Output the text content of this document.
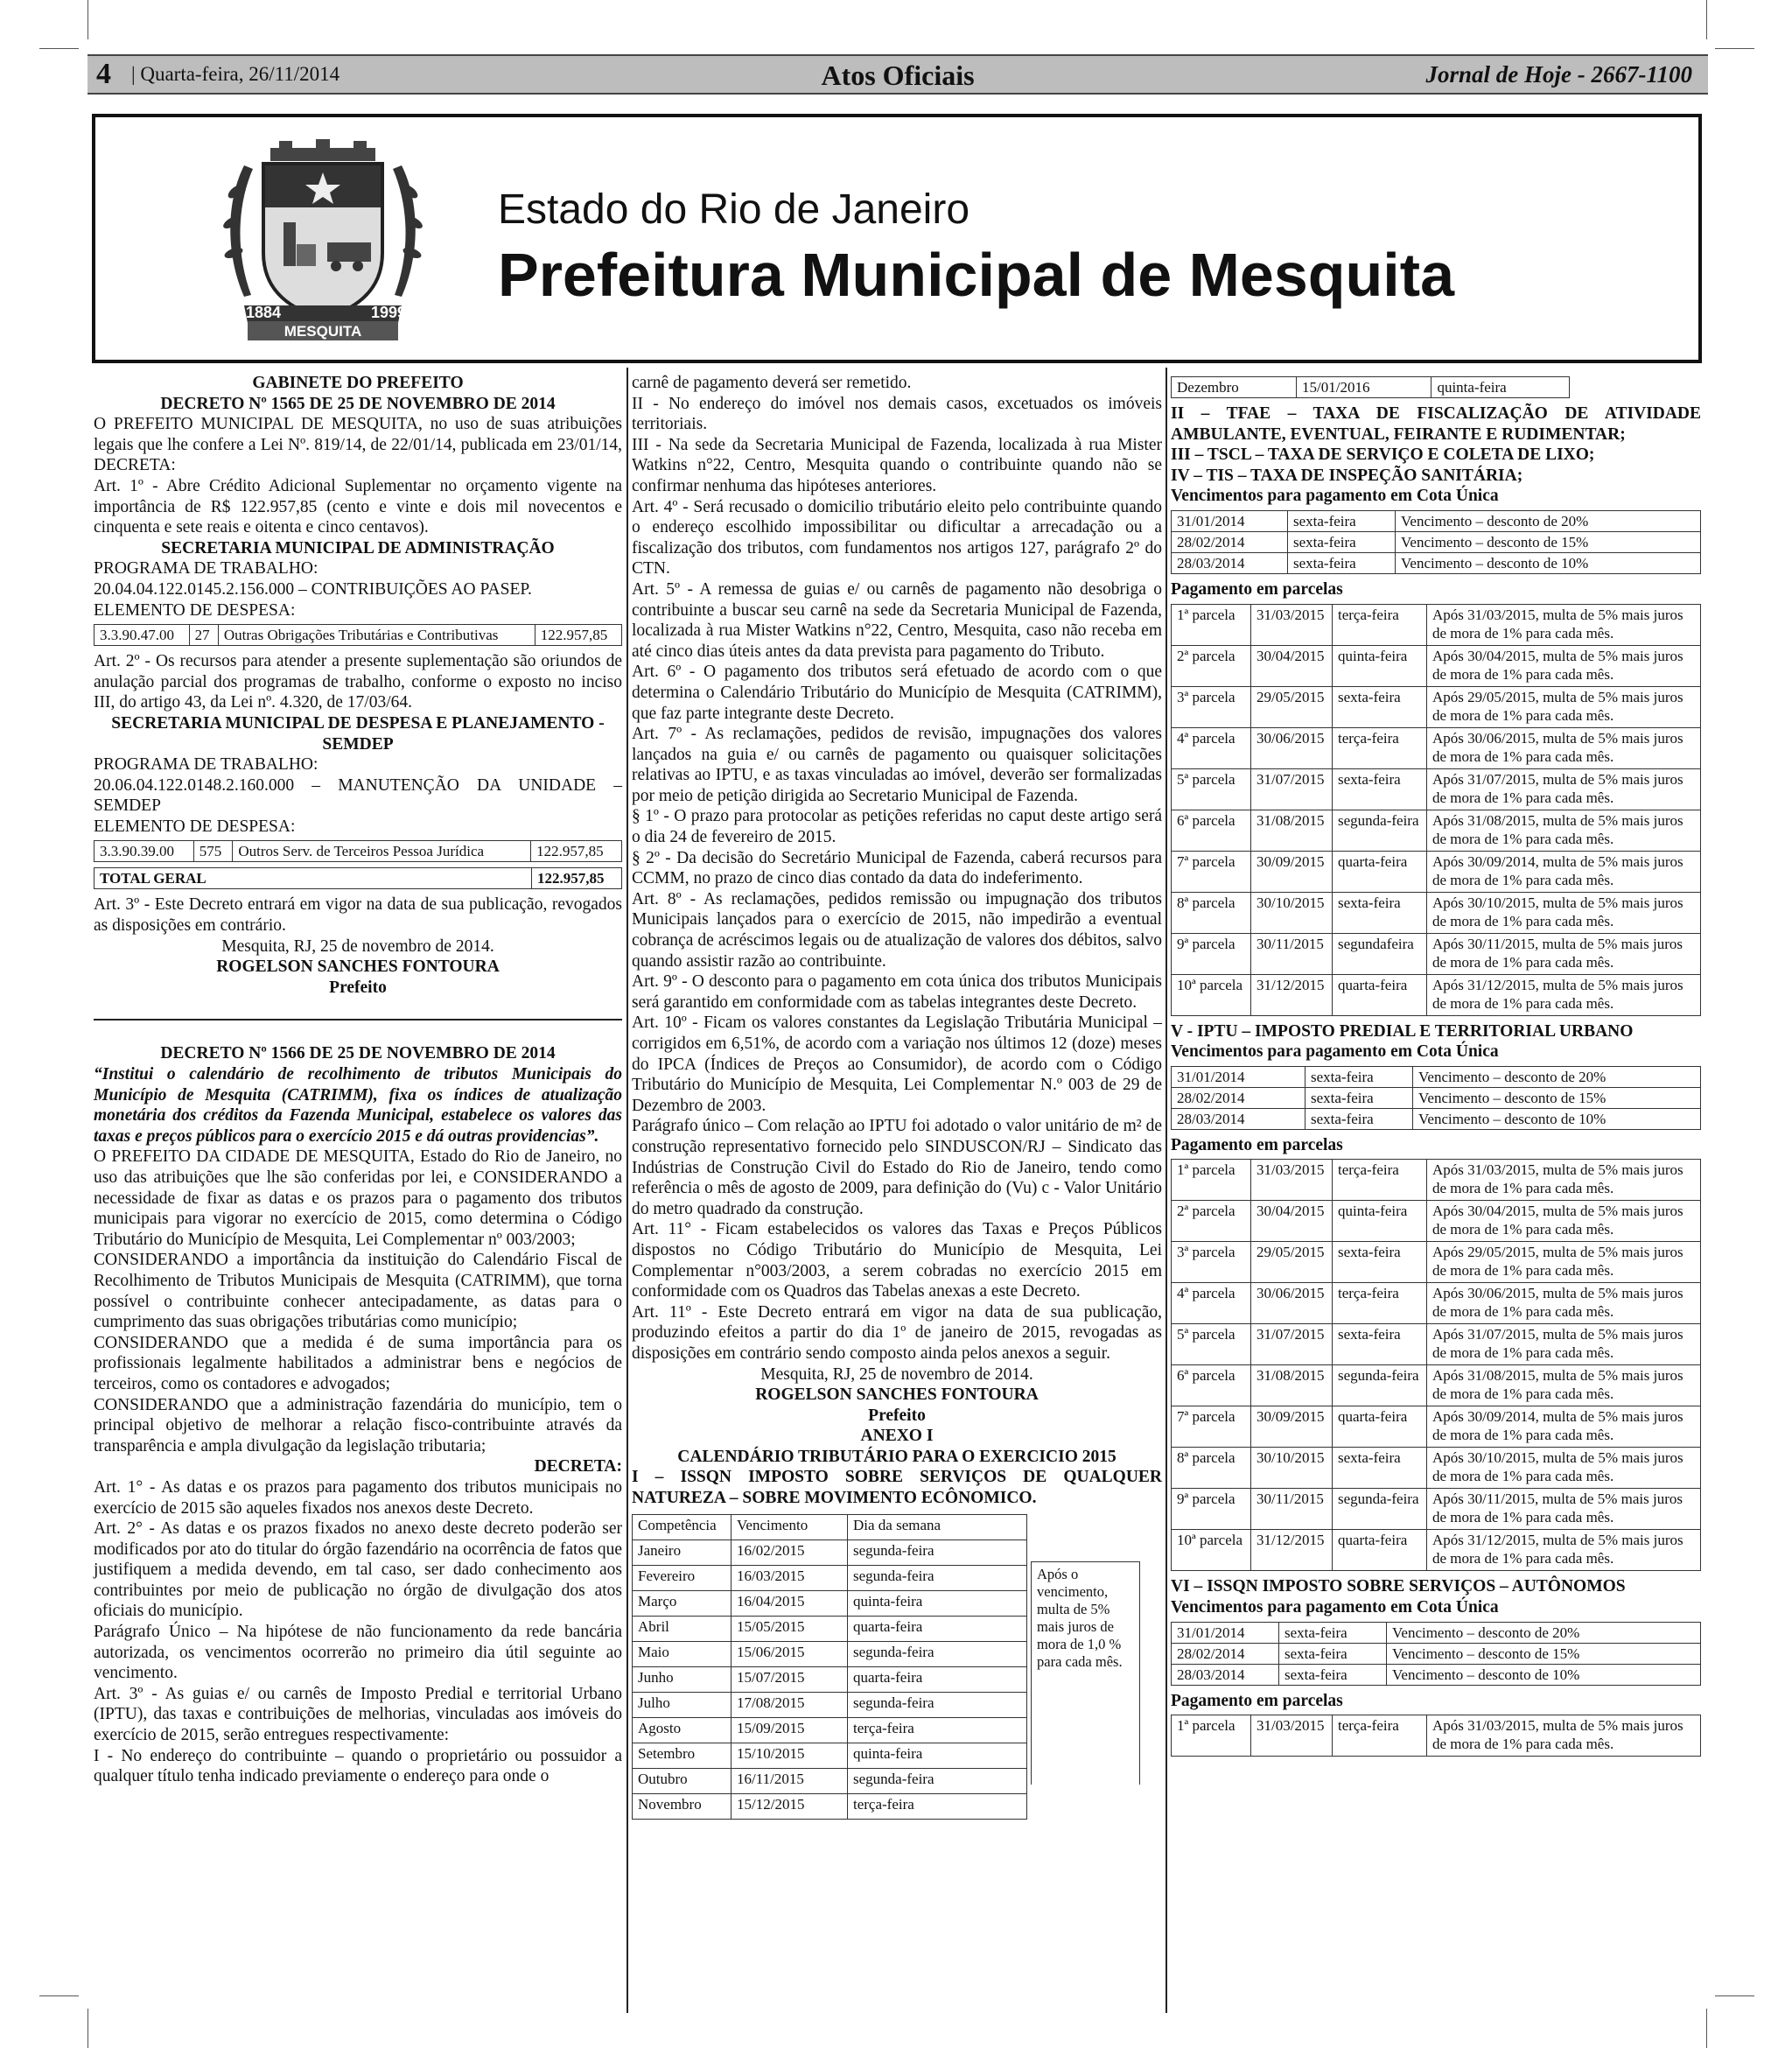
4 | Quarta-feira, 26/11/2014	Atos Oficiais	Jornal de Hoje - 2667-1100
1884	1999
MESQUITA
Estado do Rio de Janeiro
Prefeitura Municipal de Mesquita

GABINETE DO PREFEITO

DECRETO Nº 1565 DE 25 DE NOVEMBRO DE 2014

O PREFEITO MUNICIPAL DE MESQUITA, no uso de suas atribuições legais que lhe confere a Lei Nº. 819/14, de 22/01/14, publicada em 23/01/14, DECRETA:

Art. 1º - Abre Crédito Adicional Suplementar no orçamento vigente na importância de R$ 122.957,85 (cento e vinte e dois mil novecentos e cinquenta e sete reais e oitenta e cinco centavos).

SECRETARIA MUNICIPAL DE ADMINISTRAÇÃO

PROGRAMA DE TRABALHO:

20.04.04.122.0145.2.156.000 – CONTRIBUIÇÕES AO PASEP.

ELEMENTO DE DESPESA:

3.3.90.47.00	27	Outras Obrigações Tributárias e Contributivas	122.957,85

Art. 2º - Os recursos para atender a presente suplementação são oriundos de anulação parcial dos programas de trabalho, conforme o exposto no inciso III, do artigo 43, da Lei nº. 4.320, de 17/03/64.

SECRETARIA MUNICIPAL DE DESPESA E PLANEJAMENTO - SEMDEP

PROGRAMA DE TRABALHO:

20.06.04.122.0148.2.160.000 – MANUTENÇÃO DA UNIDADE – SEMDEP

ELEMENTO DE DESPESA:

3.3.90.39.00	575	Outros Serv. de Terceiros Pessoa Jurídica	122.957,85
TOTAL GERAL	122.957,85

Art. 3º - Este Decreto entrará em vigor na data de sua publicação, revogados as disposições em contrário.

Mesquita, RJ, 25 de novembro de 2014.

ROGELSON SANCHES FONTOURA

Prefeito

DECRETO Nº 1566 DE 25 DE NOVEMBRO DE 2014

“Institui o calendário de recolhimento de tributos Municipais do Município de Mesquita (CATRIMM), fixa os índices de atualização monetária dos créditos da Fazenda Municipal, estabelece os valores das taxas e preços públicos para o exercício 2015 e dá outras providencias”.

O PREFEITO DA CIDADE DE MESQUITA, Estado do Rio de Janeiro, no uso das atribuições que lhe são conferidas por lei, e CONSIDERANDO a necessidade de fixar as datas e os prazos para o pagamento dos tributos municipais para vigorar no exercício de 2015, como determina o Código Tributário do Município de Mesquita, Lei Complementar nº 003/2003;

CONSIDERANDO a importância da instituição do Calendário Fiscal de Recolhimento de Tributos Municipais de Mesquita (CATRIMM), que torna possível o contribuinte conhecer antecipadamente, as datas para o cumprimento das suas obrigações tributárias como município;

CONSIDERANDO que a medida é de suma importância para os profissionais legalmente habilitados a administrar bens e negócios de terceiros, como os contadores e advogados;

CONSIDERANDO que a administração fazendária do município, tem o principal objetivo de melhorar a relação fisco-contribuinte através da transparência e ampla divulgação da legislação tributaria;

DECRETA:

Art. 1° - As datas e os prazos para pagamento dos tributos municipais no exercício de 2015 são aqueles fixados nos anexos deste Decreto.

Art. 2° - As datas e os prazos fixados no anexo deste decreto poderão ser modificados por ato do titular do órgão fazendário na ocorrência de fatos que justifiquem a medida devendo, em tal caso, ser dado conhecimento aos contribuintes por meio de publicação no órgão de divulgação dos atos oficiais do município.

Parágrafo Único – Na hipótese de não funcionamento da rede bancária autorizada, os vencimentos ocorrerão no primeiro dia útil seguinte ao vencimento.

Art. 3º - As guias e/ ou carnês de Imposto Predial e territorial Urbano (IPTU), das taxas e contribuições de melhorias, vinculadas aos imóveis do exercício de 2015, serão entregues respectivamente:

I - No endereço do contribuinte – quando o proprietário ou possuidor a qualquer título tenha indicado previamente o endereço para onde o

carnê de pagamento deverá ser remetido.

II - No endereço do imóvel nos demais casos, excetuados os imóveis territoriais.

III - Na sede da Secretaria Municipal de Fazenda, localizada à rua Mister Watkins n°22, Centro, Mesquita quando o contribuinte quando não se confirmar nenhuma das hipóteses anteriores.

Art. 4º - Será recusado o domicilio tributário eleito pelo contribuinte quando o endereço escolhido impossibilitar ou dificultar a arrecadação ou a fiscalização dos tributos, com fundamentos nos artigos 127, parágrafo 2º do CTN.

Art. 5º - A remessa de guias e/ ou carnês de pagamento não desobriga o contribuinte a buscar seu carnê na sede da Secretaria Municipal de Fazenda, localizada à rua Mister Watkins n°22, Centro, Mesquita, caso não receba em até cinco dias úteis antes da data prevista para pagamento do Tributo.

Art. 6º - O pagamento dos tributos será efetuado de acordo com o que determina o Calendário Tributário do Município de Mesquita (CATRIMM), que faz parte integrante deste Decreto.

Art. 7º - As reclamações, pedidos de revisão, impugnações dos valores lançados na guia e/ ou carnês de pagamento ou quaisquer solicitações relativas ao IPTU, e as taxas vinculadas ao imóvel, deverão ser formalizadas por meio de petição dirigida ao Secretario Municipal de Fazenda.

§ 1º - O prazo para protocolar as petições referidas no caput deste artigo será o dia 24 de fevereiro de 2015.

§ 2º - Da decisão do Secretário Municipal de Fazenda, caberá recursos para CCMM, no prazo de cinco dias contado da data do indeferimento.

Art. 8º - As reclamações, pedidos remissão ou impugnação dos tributos Municipais lançados para o exercício de 2015, não impedirão a eventual cobrança de acréscimos legais ou de atualização de valores dos débitos, salvo quando assistir razão ao contribuinte.

Art. 9º - O desconto para o pagamento em cota única dos tributos Municipais será garantido em conformidade com as tabelas integrantes deste Decreto.

Art. 10º - Ficam os valores constantes da Legislação Tributária Municipal – corrigidos em 6,51%, de acordo com a variação nos últimos 12 (doze) meses do IPCA (Índices de Preços ao Consumidor), de acordo com o Código Tributário do Município de Mesquita, Lei Complementar N.º 003 de 29 de Dezembro de 2003.

Parágrafo único – Com relação ao IPTU foi adotado o valor unitário de m² de construção representativo fornecido pelo SINDUSCON/RJ – Sindicato das Indústrias de Construção Civil do Estado do Rio de Janeiro, tendo como referência o mês de agosto de 2009, para definição do (Vu) c - Valor Unitário do metro quadrado da construção.

Art. 11° - Ficam estabelecidos os valores das Taxas e Preços Públicos dispostos no Código Tributário do Município de Mesquita, Lei Complementar n°003/2003, a serem cobradas no exercício 2015 em conformidade com os Quadros das Tabelas anexas a este Decreto.

Art. 11º - Este Decreto entrará em vigor na data de sua publicação, produzindo efeitos a partir do dia 1º de janeiro de 2015, revogadas as disposições em contrário sendo composto ainda pelos anexos a seguir.

Mesquita, RJ, 25 de novembro de 2014.

ROGELSON SANCHES FONTOURA

Prefeito

ANEXO I

CALENDÁRIO TRIBUTÁRIO PARA O EXERCICIO 2015

I – ISSQN IMPOSTO SOBRE SERVIÇOS DE QUALQUER NATUREZA – SOBRE MOVIMENTO ECÔNOMICO.

Competência	Vencimento	Dia da semana
Janeiro	16/02/2015	segunda-feira
Fevereiro	16/03/2015	segunda-feira
Março	16/04/2015	quinta-feira
Abril	15/05/2015	quarta-feira
Maio	15/06/2015	segunda-feira
Junho	15/07/2015	quarta-feira
Julho	17/08/2015	segunda-feira
Agosto	15/09/2015	terça-feira
Setembro	15/10/2015	quinta-feira
Outubro	16/11/2015	segunda-feira
Novembro	15/12/2015	terça-feira
Após o vencimento, multa de 5% mais juros de mora de 1,0 % para cada mês.
Dezembro	15/01/2016	quinta-feira

II – TFAE – TAXA DE FISCALIZAÇÃO DE ATIVIDADE AMBULANTE, EVENTUAL, FEIRANTE E RUDIMENTAR;

III – TSCL – TAXA DE SERVIÇO E COLETA DE LIXO;

IV – TIS – TAXA DE INSPEÇÃO SANITÁRIA;

Vencimentos para pagamento em Cota Única

31/01/2014	sexta-feira	Vencimento – desconto de 20%
28/02/2014	sexta-feira	Vencimento – desconto de 15%
28/03/2014	sexta-feira	Vencimento – desconto de 10%

Pagamento em parcelas

1ª parcela	31/03/2015	terça-feira	Após 31/03/2015, multa de 5% mais juros de mora de 1% para cada mês.
2ª parcela	30/04/2015	quinta-feira	Após 30/04/2015, multa de 5% mais juros de mora de 1% para cada mês.
3ª parcela	29/05/2015	sexta-feira	Após 29/05/2015, multa de 5% mais juros de mora de 1% para cada mês.
4ª parcela	30/06/2015	terça-feira	Após 30/06/2015, multa de 5% mais juros de mora de 1% para cada mês.
5ª parcela	31/07/2015	sexta-feira	Após 31/07/2015, multa de 5% mais juros de mora de 1% para cada mês.
6ª parcela	31/08/2015	segunda-feira	Após 31/08/2015, multa de 5% mais juros de mora de 1% para cada mês.
7ª parcela	30/09/2015	quarta-feira	Após 30/09/2014, multa de 5% mais juros de mora de 1% para cada mês.
8ª parcela	30/10/2015	sexta-feira	Após 30/10/2015, multa de 5% mais juros de mora de 1% para cada mês.
9ª parcela	30/11/2015	segundafeira	Após 30/11/2015, multa de 5% mais juros de mora de 1% para cada mês.
10ª parcela	31/12/2015	quarta-feira	Após 31/12/2015, multa de 5% mais juros de mora de 1% para cada mês.

V - IPTU – IMPOSTO PREDIAL E TERRITORIAL URBANO

Vencimentos para pagamento em Cota Única

31/01/2014	sexta-feira	Vencimento – desconto de 20%
28/02/2014	sexta-feira	Vencimento – desconto de 15%
28/03/2014	sexta-feira	Vencimento – desconto de 10%

Pagamento em parcelas

1ª parcela	31/03/2015	terça-feira	Após 31/03/2015, multa de 5% mais juros de mora de 1% para cada mês.
2ª parcela	30/04/2015	quinta-feira	Após 30/04/2015, multa de 5% mais juros de mora de 1% para cada mês.
3ª parcela	29/05/2015	sexta-feira	Após 29/05/2015, multa de 5% mais juros de mora de 1% para cada mês.
4ª parcela	30/06/2015	terça-feira	Após 30/06/2015, multa de 5% mais juros de mora de 1% para cada mês.
5ª parcela	31/07/2015	sexta-feira	Após 31/07/2015, multa de 5% mais juros de mora de 1% para cada mês.
6ª parcela	31/08/2015	segunda-feira	Após 31/08/2015, multa de 5% mais juros de mora de 1% para cada mês.
7ª parcela	30/09/2015	quarta-feira	Após 30/09/2014, multa de 5% mais juros de mora de 1% para cada mês.
8ª parcela	30/10/2015	sexta-feira	Após 30/10/2015, multa de 5% mais juros de mora de 1% para cada mês.
9ª parcela	30/11/2015	segunda-feira	Após 30/11/2015, multa de 5% mais juros de mora de 1% para cada mês.
10ª parcela	31/12/2015	quarta-feira	Após 31/12/2015, multa de 5% mais juros de mora de 1% para cada mês.

VI – ISSQN IMPOSTO SOBRE SERVIÇOS – AUTÔNOMOS

Vencimentos para pagamento em Cota Única

31/01/2014	sexta-feira	Vencimento – desconto de 20%
28/02/2014	sexta-feira	Vencimento – desconto de 15%
28/03/2014	sexta-feira	Vencimento – desconto de 10%

Pagamento em parcelas

1ª parcela	31/03/2015	terça-feira	Após 31/03/2015, multa de 5% mais juros de mora de 1% para cada mês.
